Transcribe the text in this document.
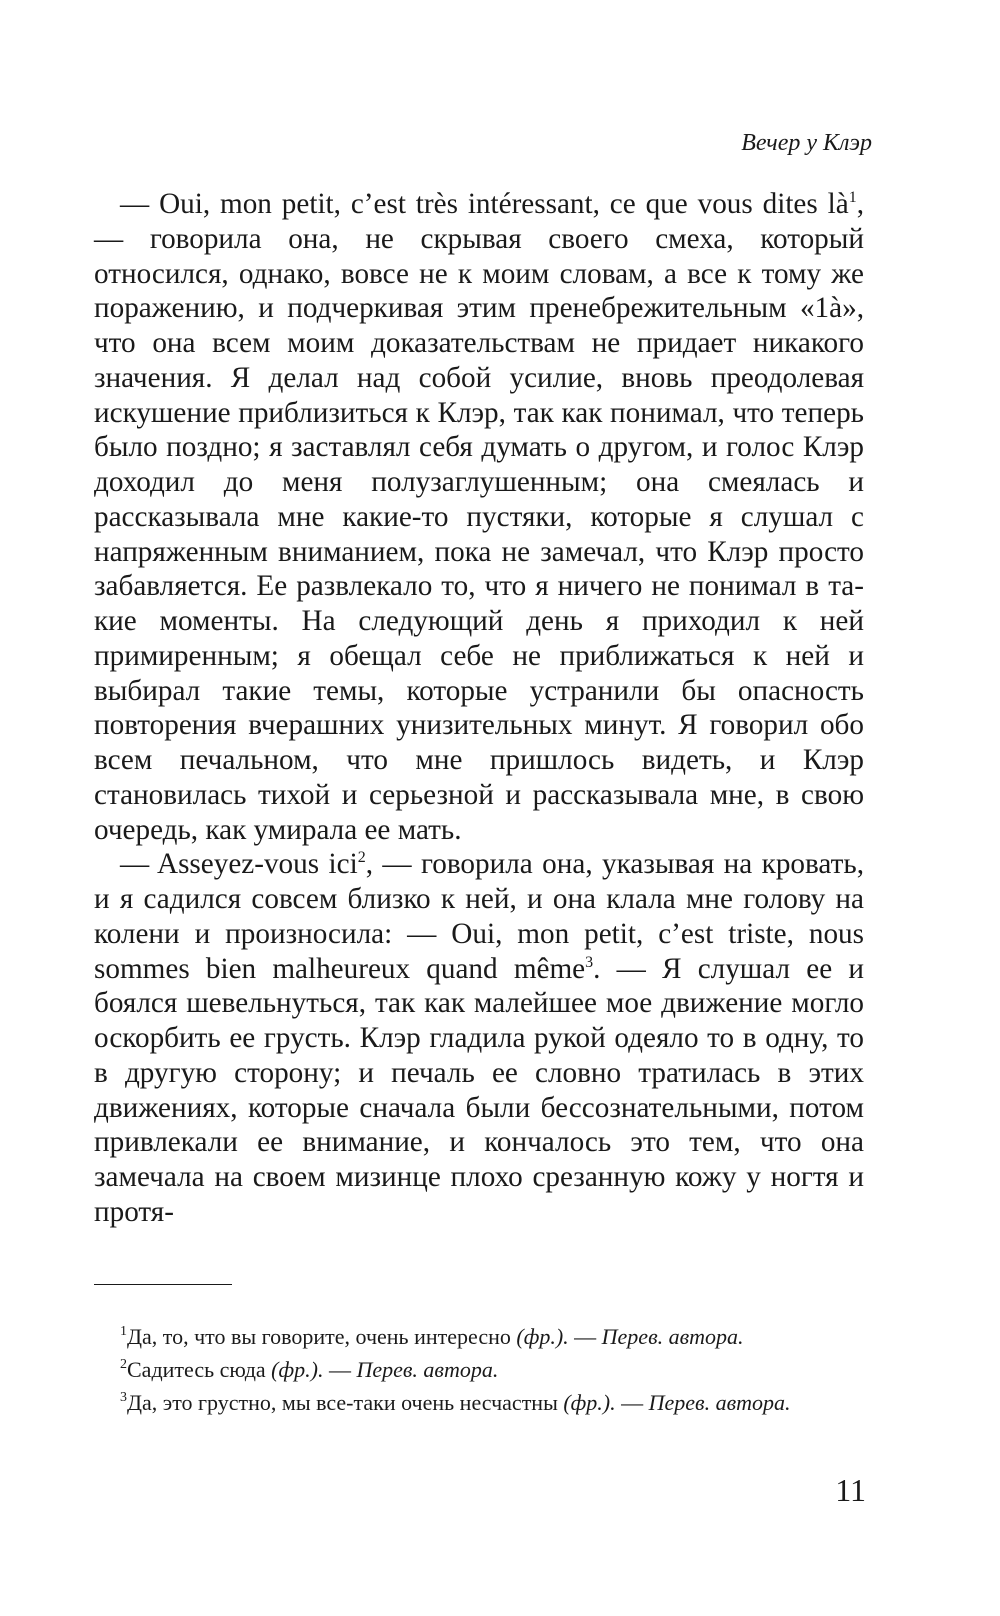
Вечер у Клэр

— Oui, mon petit, c’est très intéressant, ce que vous dites là$^1$, — говорила она, не скрывая своего смеха, который относился, однако, вовсе не к моим словам, а все к тому же поражению, и подчеркивая этим пренебрежительным «1à», что она всем моим доказательствам не придает никакого значения. Я делал над собой усилие, вновь преодолевая искушение приблизиться к Клэр, так как понимал, что теперь было поздно; я заставлял себя думать о другом, и голос Клэр доходил до меня полузаглушенным; она смеялась и рассказывала мне какие-то пустяки, которые я слушал с напряженным вниманием, пока не замечал, что Клэр просто забавляется. Ее развлекало то, что я ничего не понимал в такие моменты. На следующий день я приходил к ней примиренным; я обещал себе не приближаться к ней и выбирал такие темы, которые устранили бы опасность повторения вчерашних унизительных минут. Я говорил обо всем печальном, что мне пришлось видеть, и Клэр становилась тихой и серьезной и рассказывала мне, в свою очередь, как умирала ее мать.

— Asseyez-vous ici$^2$, — говорила она, указывая на кровать, и я садился совсем близко к ней, и она клала мне голову на колени и произносила: — Oui, mon petit, c’est triste, nous sommes bien malheureux quand même$^3$. — Я слушал ее и боялся шевельнуться, так как малейшее мое движение могло оскорбить ее грусть. Клэр гладила рукой одеяло то в одну, то в другую сторону; и печаль ее словно тратилась в этих движениях, которые сначала были бессознательными, потом привлекали ее внимание, и кончалось это тем, что она замечала на своем мизинце плохо срезанную кожу у ногтя и протя-

$^1$Да, то, что вы говорите, очень интересно (фр.). — Перев. автора.

$^2$Садитесь сюда (фр.). — Перев. автора.

$^3$Да, это грустно, мы все-таки очень несчастны (фр.). — Перев. автора.

11
